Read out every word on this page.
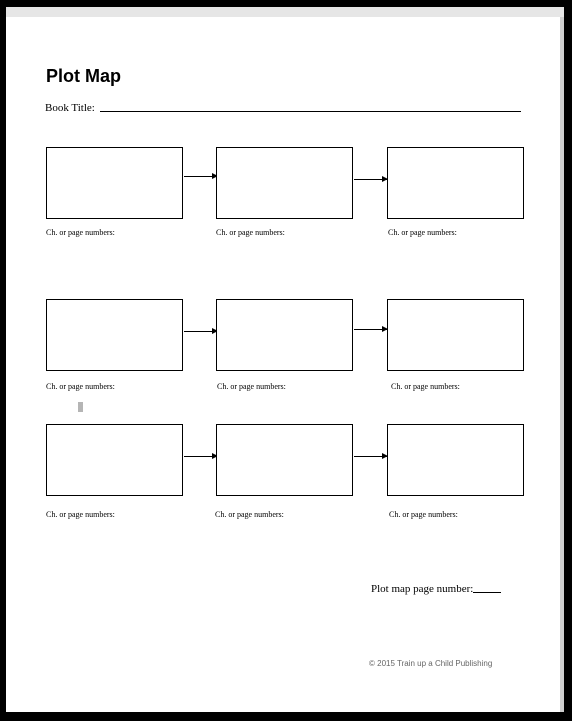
Plot Map
Book Title:
Ch. or page numbers:	Ch. or page numbers:	Ch. or page numbers:
Ch. or page numbers:	Ch. or page numbers:	Ch. or page numbers:
Ch. or page numbers:	Ch. or page numbers:	Ch. or page numbers:
Plot map page number:
© 2015 Train up a Child Publishing
